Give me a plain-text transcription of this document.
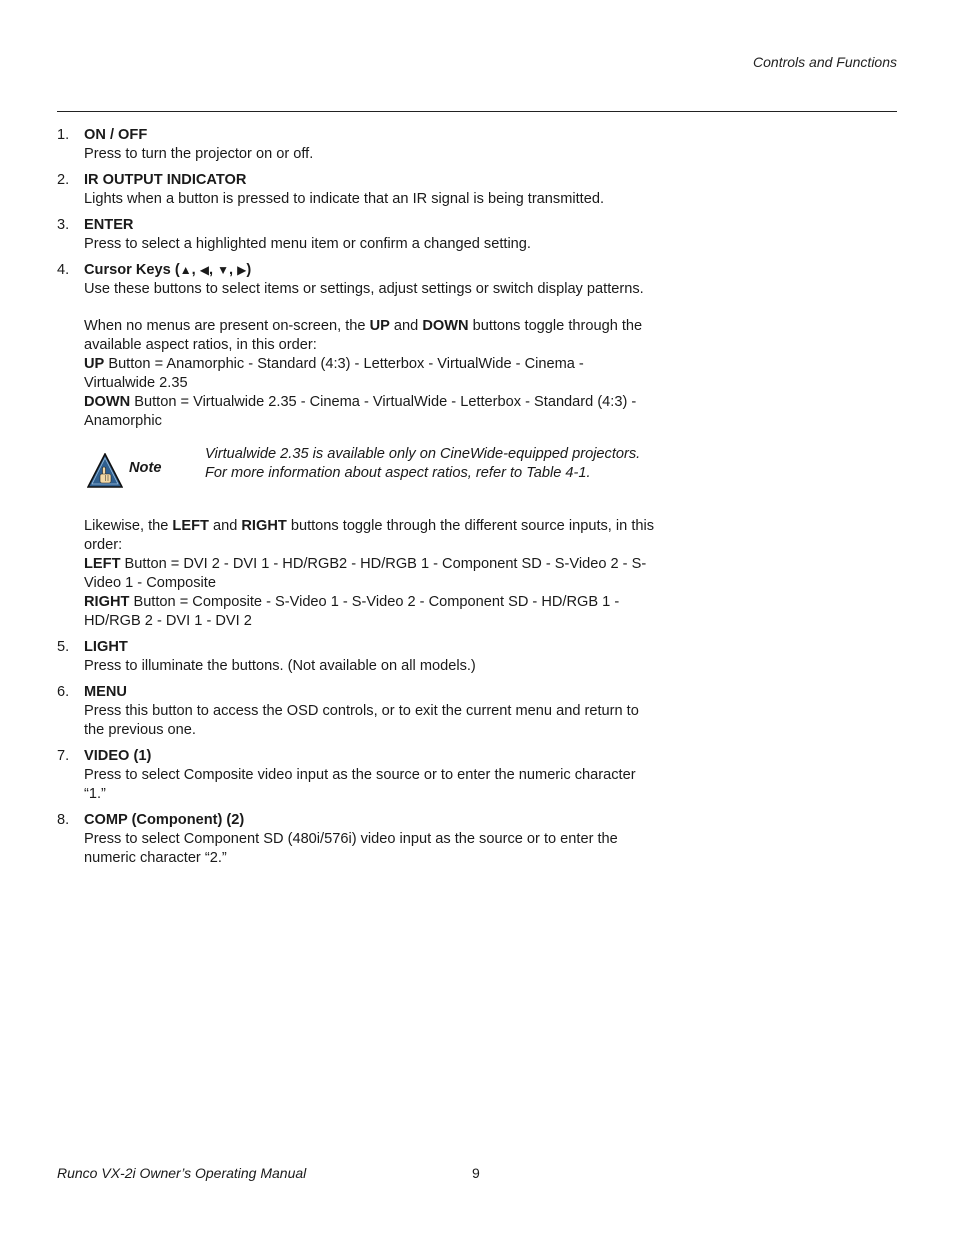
Controls and Functions
1. ON / OFF
Press to turn the projector on or off.
2. IR OUTPUT INDICATOR
Lights when a button is pressed to indicate that an IR signal is being transmitted.
3. ENTER
Press to select a highlighted menu item or confirm a changed setting.
4. Cursor Keys (▲, ◀, ▼, ▶)
Use these buttons to select items or settings, adjust settings or switch display patterns.
When no menus are present on-screen, the UP and DOWN buttons toggle through the available aspect ratios, in this order:
UP Button = Anamorphic - Standard (4:3) - Letterbox - VirtualWide - Cinema - Virtualwide 2.35
DOWN Button = Virtualwide 2.35 - Cinema - VirtualWide - Letterbox - Standard (4:3) - Anamorphic
Note
Virtualwide 2.35 is available only on CineWide-equipped projectors.
For more information about aspect ratios, refer to Table 4-1.
Likewise, the LEFT and RIGHT buttons toggle through the different source inputs, in this order:
LEFT Button = DVI 2 - DVI 1 - HD/RGB2 - HD/RGB 1 - Component SD - S-Video 2 - S-Video 1 - Composite
RIGHT Button = Composite - S-Video 1 - S-Video 2 - Component SD - HD/RGB 1 - HD/RGB 2 - DVI 1 - DVI 2
5. LIGHT
Press to illuminate the buttons. (Not available on all models.)
6. MENU
Press this button to access the OSD controls, or to exit the current menu and return to the previous one.
7. VIDEO (1)
Press to select Composite video input as the source or to enter the numeric character “1.”
8. COMP (Component) (2)
Press to select Component SD (480i/576i) video input as the source or to enter the numeric character “2.”
Runco VX-2i Owner’s Operating Manual	9
